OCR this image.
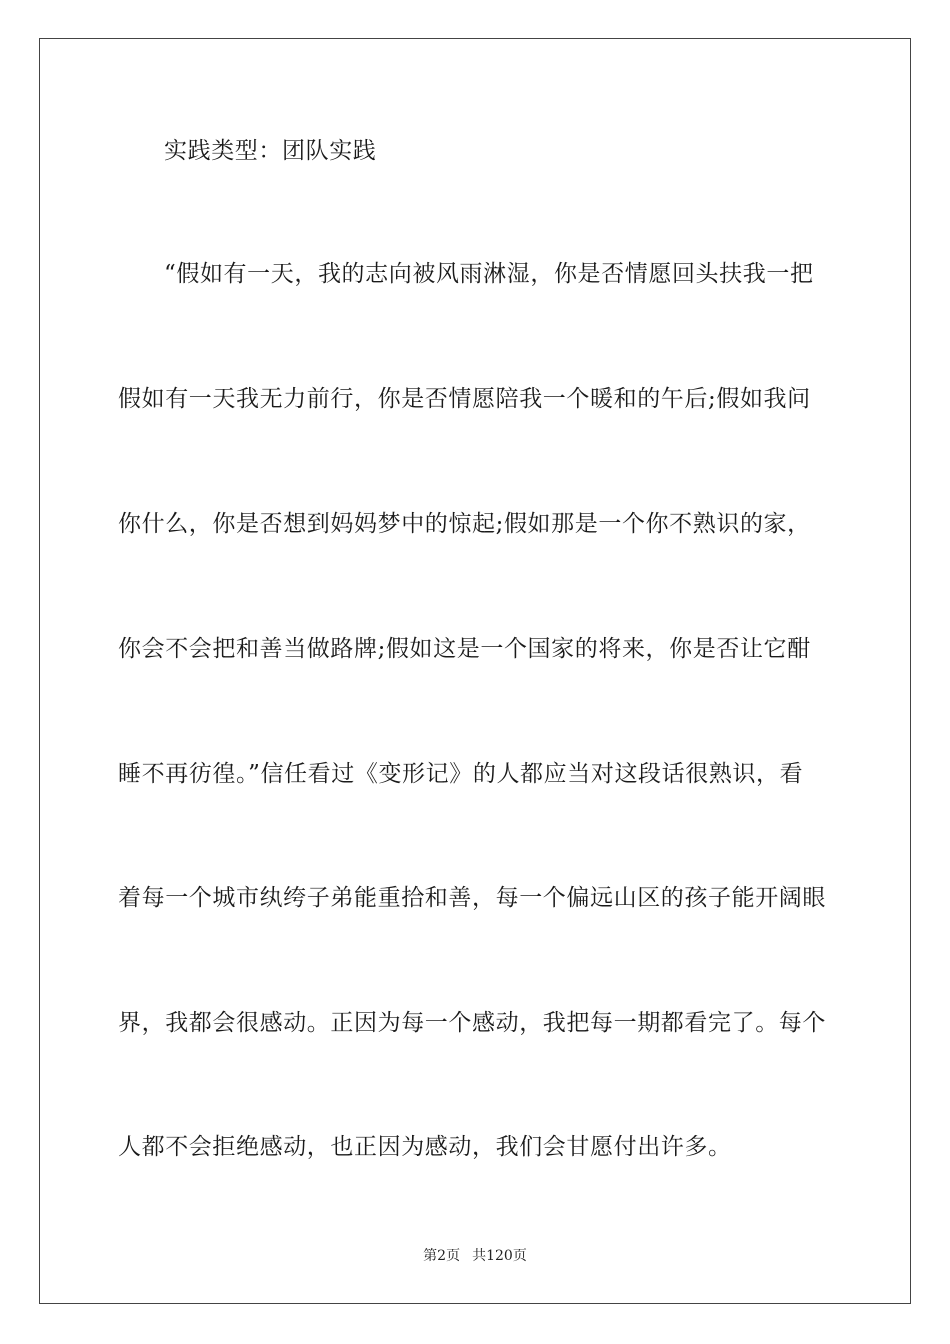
实践类型：团队实践
“假如有一天，我的志向被风雨淋湿，你是否情愿回头扶我一把
假如有一天我无力前行，你是否情愿陪我一个暖和的午后;假如我问
你什么，你是否想到妈妈梦中的惊起;假如那是一个你不熟识的家，
你会不会把和善当做路牌;假如这是一个国家的将来，你是否让它酣
睡不再彷徨。”信任看过《变形记》的人都应当对这段话很熟识，看
着每一个城市纨绔子弟能重拾和善，每一个偏远山区的孩子能开阔眼
界，我都会很感动。正因为每一个感动，我把每一期都看完了。每个
人都不会拒绝感动，也正因为感动，我们会甘愿付出许多。
第2页 共120页
